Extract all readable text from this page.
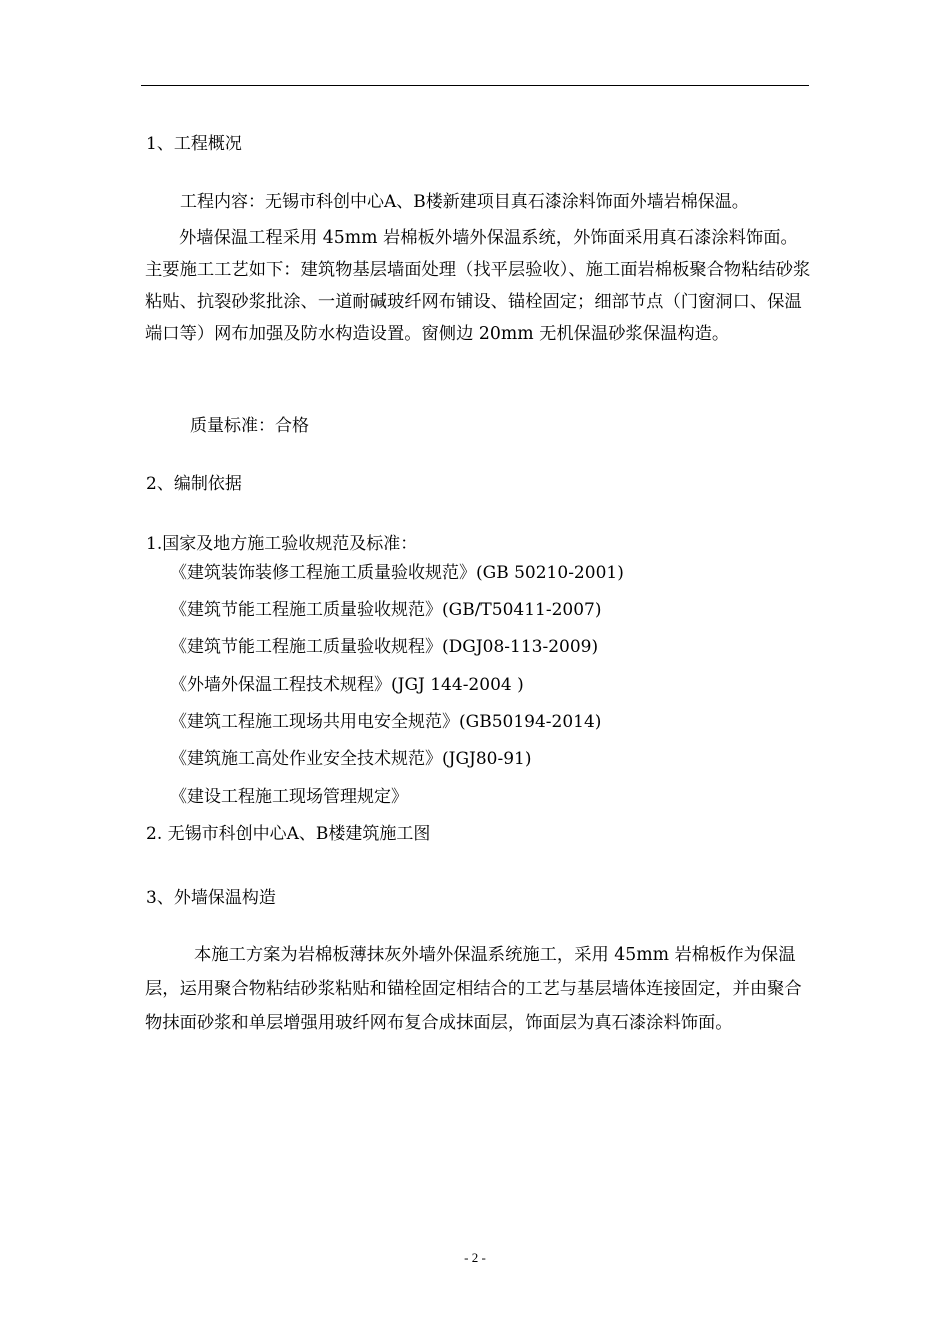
1、工程概况
工程内容：无锡市科创中心A、B楼新建项目真石漆涂料饰面外墙岩棉保温。
外墙保温工程采用 45mm 岩棉板外墙外保温系统，外饰面采用真石漆涂料饰面。主要施工工艺如下：建筑物基层墙面处理（找平层验收）、施工面岩棉板聚合物粘结砂浆粘贴、抗裂砂浆批涂、一道耐碱玻纤网布铺设、锚栓固定；细部节点（门窗洞口、保温端口等）网布加强及防水构造设置。窗侧边 20mm 无机保温砂浆保温构造。
质量标准：合格
2、编制依据
1.国家及地方施工验收规范及标准：
《建筑装饰装修工程施工质量验收规范》(GB 50210-2001)
《建筑节能工程施工质量验收规范》(GB/T50411-2007)
《建筑节能工程施工质量验收规程》(DGJ08-113-2009)
《外墙外保温工程技术规程》(JGJ 144-2004 )
《建筑工程施工现场共用电安全规范》(GB50194-2014)
《建筑施工高处作业安全技术规范》(JGJ80-91)
《建设工程施工现场管理规定》
2. 无锡市科创中心A、B楼建筑施工图
3、外墙保温构造
本施工方案为岩棉板薄抹灰外墙外保温系统施工，采用 45mm 岩棉板作为保温层，运用聚合物粘结砂浆粘贴和锚栓固定相结合的工艺与基层墙体连接固定，并由聚合物抹面砂浆和单层增强用玻纤网布复合成抹面层，饰面层为真石漆涂料饰面。
- 2 -
